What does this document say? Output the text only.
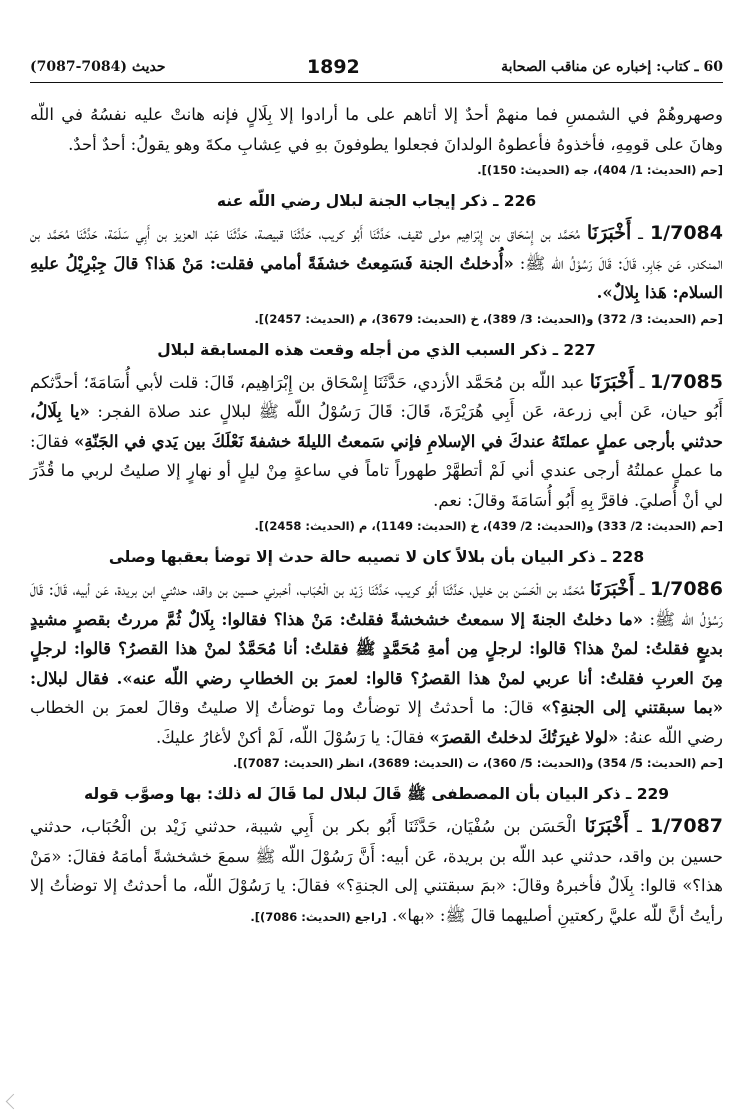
60 ـ كتاب: إخباره عن مناقب الصحابة
1892
حديث (7084-7087)

وصهروهُمْ في الشمسِ فما منهمْ أحدٌ إلا أتاهم على ما أرادوا إلا بِلَالٍ فإنه هانتْ عليه نفسُهُ في اللّه وهانَ على قومِهِ، فأخذوهُ فأعطوهُ الولدانَ فجعلوا يطوفونَ بهِ في عِشابِ مكةَ وهو يقولُ: أحدٌ أحدٌ.

[حم (الحديث: 1/ 404)، جه (الحديث: 150)].

226 ـ ذكر إيجاب الجنة لبلال رضي اللّه عنه

1/7084 ـ أَخْبَرَنَا مُحَمَّد بن إِسْحَاق بن إِبْرَاهِيم مولى ثقيف، حَدَّثَنَا أَبُو كريب، حَدَّثَنَا قبيصة، حَدَّثَنَا عَبْد العزيز بن أَبِي سَلَمَة، حَدَّثَنَا مُحَمَّد بن المنكدر، عَن جَابِر، قَالَ: قَالَ رَسُوْلُ اللّه ﷺ: «أُدخلتُ الجنة فَسَمِعتُ خشفَةً أمامي فقلت: مَنْ هَذا؟ قالَ جِبْرِيْلُ عليهِ السلام: هَذا بِلالٌ».

[حم (الحديث: 3/ 372) و(الحديث: 3/ 389)، خ (الحديث: 3679)، م (الحديث: 2457)].

227 ـ ذكر السبب الذي من أجله وقعت هذه المسابقة لبلال

1/7085 ـ أَخْبَرَنَا عبد اللّه بن مُحَمَّد الأزدي، حَدَّثَنَا إِسْحَاق بن إِبْرَاهِيم، قَالَ: قلت لأبي أُسَامَةَ؛ أحدَّثكم أَبُو حيان، عَن أبي زرعة، عَن أَبِي هُرَيْرَةَ، قَالَ: قَالَ رَسُوْلُ اللّه ﷺ لبلالٍ عند صلاة الفجر: «يا بِلَالُ، حدثني بأرجى عملٍ عملتَهُ عندكَ في الإسلامِ فإني سَمعتُ الليلةَ خشفةَ نَعْلَكَ بين يَدي في الجَنّةِ» فقالَ: ما عملٍ عملتُهُ أرجى عندي أني لَمْ أتطهَّرْ طهوراً تاماً في ساعةٍ مِنْ ليلٍ أو نهارٍ إلا صليتُ لربي ما قُدِّرَ لي أنْ أُصليَ. فاقرَّ بِهِ أَبُو أُسَامَةَ وقالَ: نعم.

[حم (الحديث: 2/ 333) و(الحديث: 2/ 439)، خ (الحديث: 1149)، م (الحديث: 2458)].

228 ـ ذكر البيان بأن بلالاً كان لا تصيبه حالة حدث إلا توضأ بعقبها وصلى

1/7086 ـ أَخْبَرَنَا مُحَمَّد بن الْحَسَن بن خليل، حَدَّثَنَا أَبُو كريب، حَدَّثَنَا زَيْد بن الْحُبَاب، أخبرني حسين بن واقد، حدثني ابن بريدة، عَن أبيه، قَالَ: قَالَ رَسُوْلُ اللّه ﷺ: «ما دخلتُ الجنةَ إلا سمعتُ خشخشةً فقلتُ: مَنْ هذا؟ فقالوا: بِلَالٌ ثُمَّ مررتُ بقصرٍ مشيدٍ بديعٍ فقلتُ: لمنْ هذا؟ قالوا: لرجلٍ مِن أمةِ مُحَمَّدٍ ﷺ فقلتُ: أنا مُحَمَّدٌ لمنْ هذا القصرُ؟ قالوا: لرجلٍ مِنَ العربِ فقلتُ: أنا عربي لمنْ هذا القصرُ؟ قالوا: لعمرَ بن الخطابِ رضي اللّه عنه». فقال لبلال: «بما سبقتني إلى الجنةِ؟» قالَ: ما أحدثتُ إلا توضأتُ وما توضأتُ إلا صليتُ وقالَ لعمرَ بن الخطاب رضي اللّه عنهُ: «لولا غيرَتُكَ لدخلتُ القصرَ» فقالَ: يا رَسُوْلَ اللّه، لَمْ أكنْ لأغارُ عليكَ.

[حم (الحديث: 5/ 354) و(الحديث: 5/ 360)، ت (الحديث: 3689)، انظر (الحديث: 7087)].

229 ـ ذكر البيان بأن المصطفى ﷺ قَالَ لبلال لما قَالَ له ذلك: بها وصوَّب قوله

1/7087 ـ أَخْبَرَنَا الْحَسَن بن سُفْيَان، حَدَّثَنَا أَبُو بكر بن أَبِي شيبة، حدثني زَيْد بن الْحُبَاب، حدثني حسين بن واقد، حدثني عبد اللّه بن بريدة، عَن أبيه: أَنَّ رَسُوْلَ اللّه ﷺ سمعَ خشخشةً أمامَهُ فقالَ: «مَنْ هذا؟» قالوا: بِلَالٌ فأخبرهُ وقالَ: «بمَ سبقتني إلى الجنةِ؟» فقالَ: يا رَسُوْلَ اللّه، ما أحدثتُ إلا توضأتُ إلا رأيتُ أنَّ للّه عليَّ ركعتينِ أصليهما قالَ ﷺ: «بها». [راجع (الحديث: 7086)].
